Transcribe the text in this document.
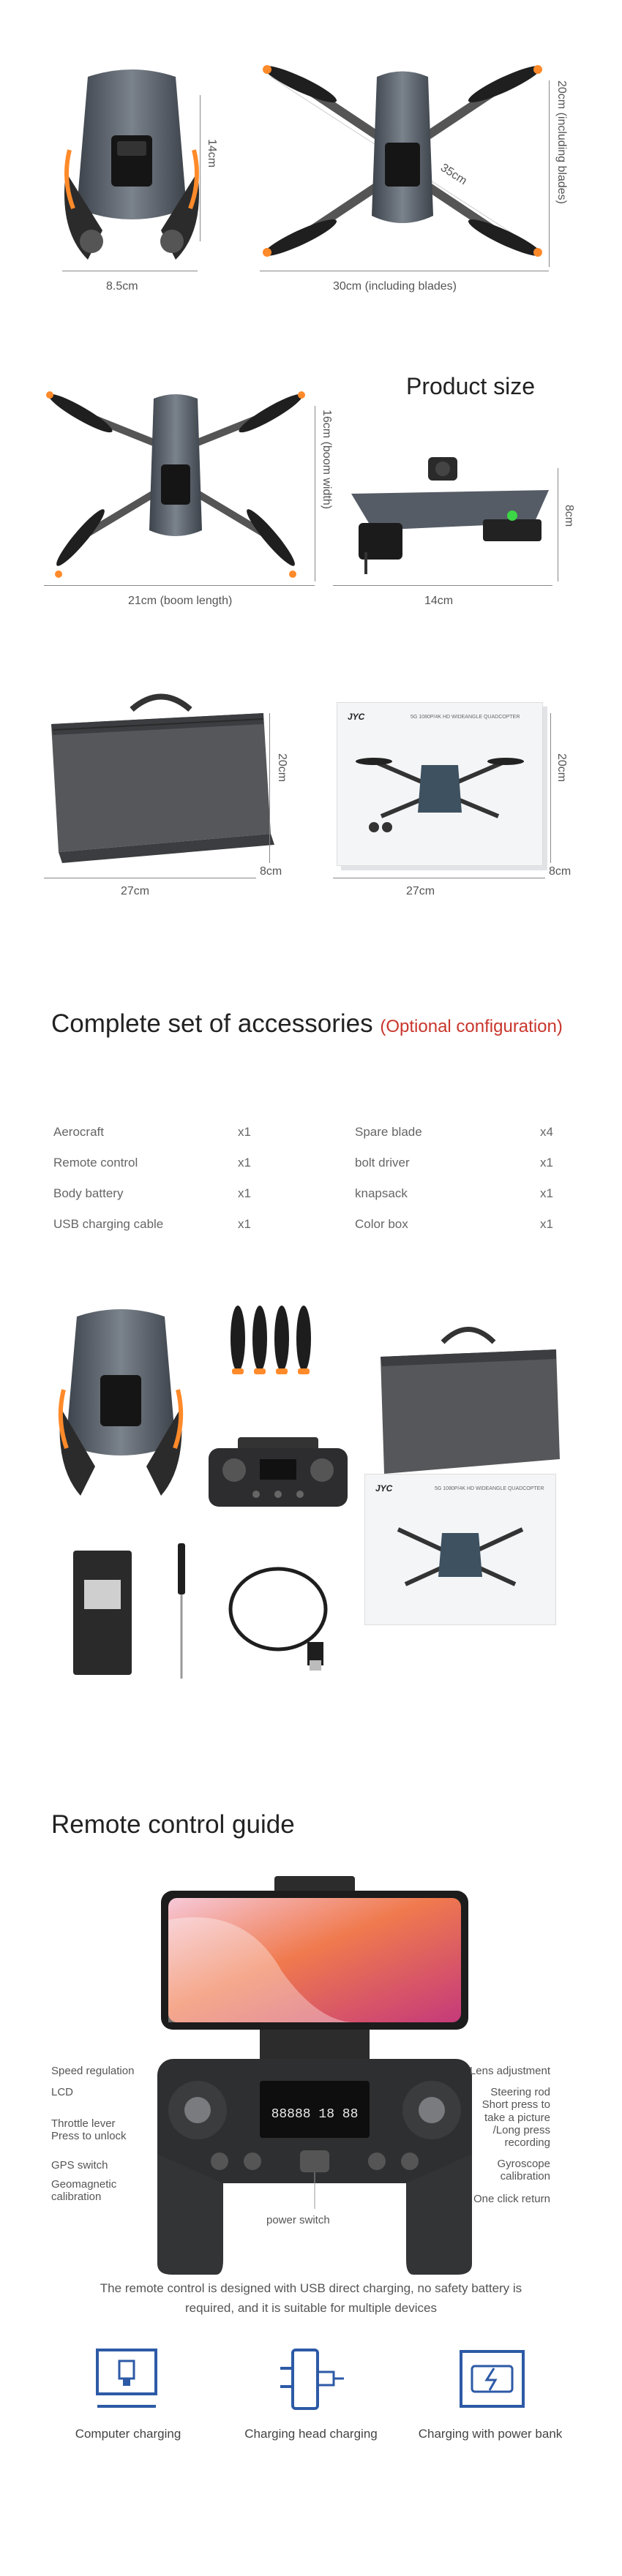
14cm
8.5cm
35cm	20cm (including blades)
30cm (including blades)
Product size
16cm (boom width)
21cm (boom length)
8cm
14cm
20cm
8cm
27cm
JYC	5G 1080P/4K HD WIDEANGLE QUADCOPTER
20cm
8cm
27cm
Complete set of accessories (Optional configuration)
Aerocraft	x1	Spare blade	x4
Remote control	x1	bolt driver	x1
Body battery	x1	knapsack	x1
USB charging cable	x1	Color box	x1
JYC	5G 1080P/4K HD WIDEANGLE QUADCOPTER
Remote control guide
88888 18 88
Speed regulation
LCD
Throttle lever
Press to unlock
GPS switch
Geomagnetic
calibration
Lens adjustment
Steering rod
Short press to
take a picture
/Long press
recording
Gyroscope
calibration
One click return
power switch
The remote control is designed with USB direct charging, no safety battery is required, and it is suitable for multiple devices
Computer charging	Charging head charging	Charging with power bank
